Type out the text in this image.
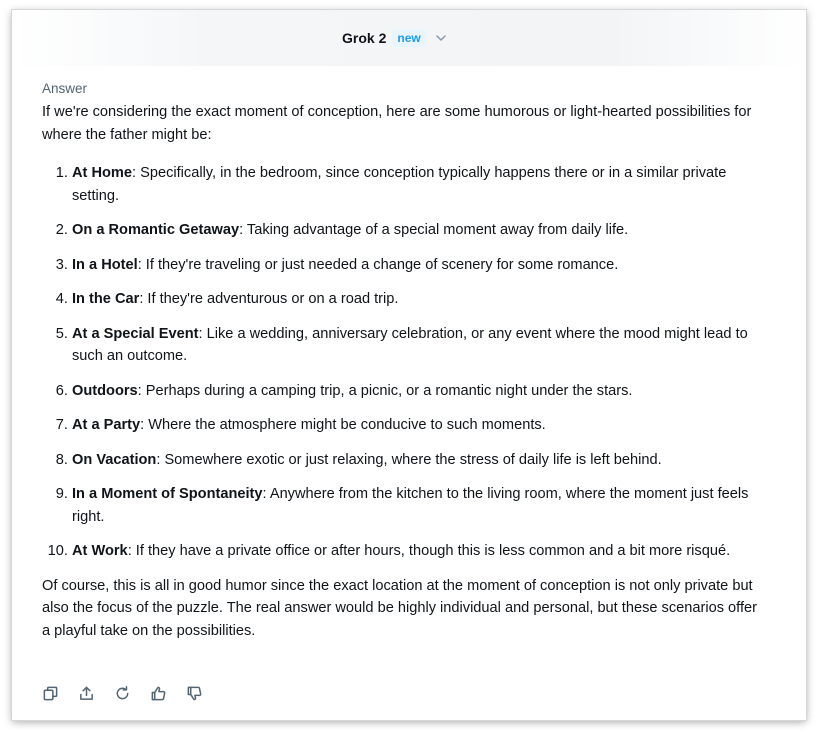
Grok 2 new
Answer

If we're considering the exact moment of conception, here are some humorous or light-hearted possibilities for where the father might be:

1. At Home: Specifically, in the bedroom, since conception typically happens there or in a similar private setting.
2. On a Romantic Getaway: Taking advantage of a special moment away from daily life.
3. In a Hotel: If they're traveling or just needed a change of scenery for some romance.
4. In the Car: If they're adventurous or on a road trip.
5. At a Special Event: Like a wedding, anniversary celebration, or any event where the mood might lead to such an outcome.
6. Outdoors: Perhaps during a camping trip, a picnic, or a romantic night under the stars.
7. At a Party: Where the atmosphere might be conducive to such moments.
8. On Vacation: Somewhere exotic or just relaxing, where the stress of daily life is left behind.
9. In a Moment of Spontaneity: Anywhere from the kitchen to the living room, where the moment just feels right.
10. At Work: If they have a private office or after hours, though this is less common and a bit more risqué.

Of course, this is all in good humor since the exact location at the moment of conception is not only private but also the focus of the puzzle. The real answer would be highly individual and personal, but these scenarios offer a playful take on the possibilities.
